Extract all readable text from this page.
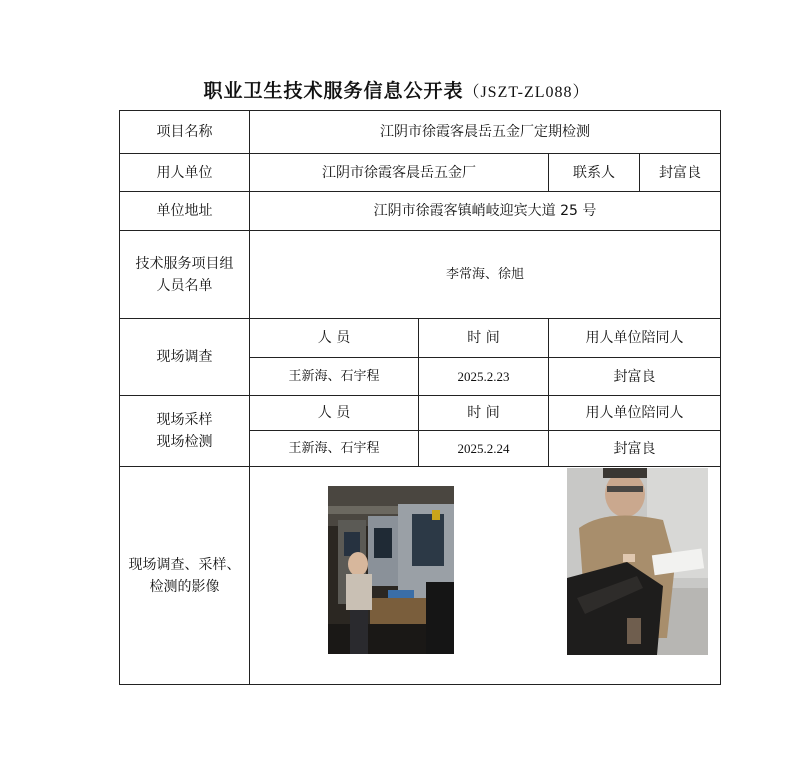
职业卫生技术服务信息公开表（JSZT-ZL088）
项目名称	江阴市徐霞客晨岳五金厂定期检测			
用人单位	江阴市徐霞客晨岳五金厂		联系人	封富良
单位地址	江阴市徐霞客镇峭岐迎宾大道 25 号			

技术服务项目组
人员名单	李常海、徐旭			
现场调查	人 员	时 间	用人单位陪同人	
	王新海、石宇程	2025.2.23	封富良	

现场采样
现场检测	人 员	时 间	用人单位陪同人	
	王新海、石宇程	2025.2.24	封富良	

现场调查、采样、
检测的影像
